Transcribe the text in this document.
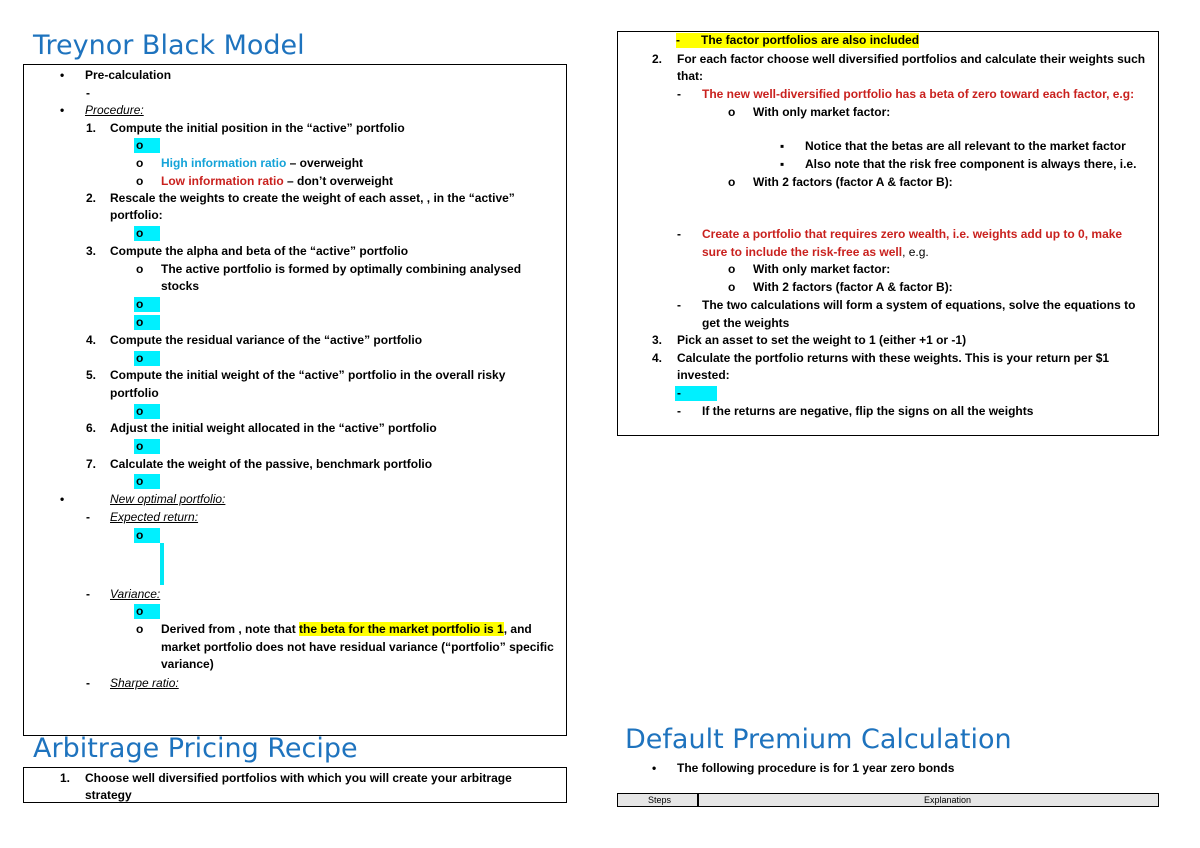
Treynor Black Model
• Pre-calculation
-
• Procedure:
1. Compute the initial position in the “active” portfolio
o
o High information ratio – overweight
o Low information ratio – don’t overweight
2. Rescale the weights to create the weight of each asset, , in the “active”
portfolio:
o
3. Compute the alpha and beta of the “active” portfolio
o The active portfolio is formed by optimally combining analysed
stocks
o
o
4. Compute the residual variance of the “active” portfolio
o
5. Compute the initial weight of the “active” portfolio in the overall risky
portfolio
o
6. Adjust the initial weight allocated in the “active” portfolio
o
7. Calculate the weight of the passive, benchmark portfolio
o
•	New optimal portfolio:
- Expected return:
o
- Variance:
o
o Derived from , note that the beta for the market portfolio is 1, and
market portfolio does not have residual variance (“portfolio” specific
variance)
- Sharpe ratio:
Arbitrage Pricing Recipe
1. Choose well diversified portfolios with which you will create your arbitrage
strategy
- The factor portfolios are also included
2. For each factor choose well diversified portfolios and calculate their weights such
that:
- The new well-diversified portfolio has a beta of zero toward each factor, e.g:
o With only market factor:
▪ Notice that the betas are all relevant to the market factor
▪ Also note that the risk free component is always there, i.e.
o With 2 factors (factor A & factor B):
- Create a portfolio that requires zero wealth, i.e. weights add up to 0, make
sure to include the risk-free as well, e.g.
o With only market factor:
o With 2 factors (factor A & factor B):
- The two calculations will form a system of equations, solve the equations to
get the weights
3. Pick an asset to set the weight to 1 (either +1 or -1)
4. Calculate the portfolio returns with these weights. This is your return per $1
invested:
-
- If the returns are negative, flip the signs on all the weights
Default Premium Calculation
• The following procedure is for 1 year zero bonds
Steps	Explanation
